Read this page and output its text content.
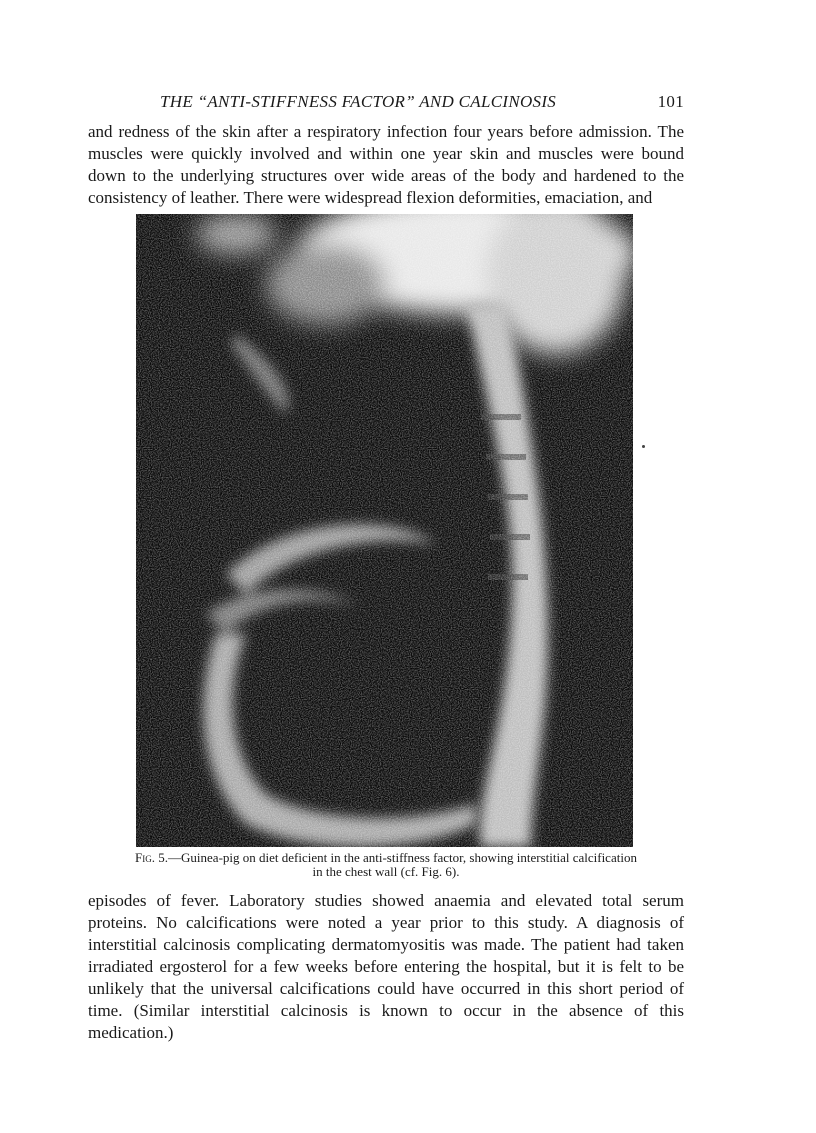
THE “ANTI-STIFFNESS FACTOR” AND CALCINOSIS	101

and redness of the skin after a respiratory infection four years before admission. The muscles were quickly involved and within one year skin and muscles were bound down to the underlying structures over wide areas of the body and hardened to the consistency of leather. There were widespread flexion deformities, emaciation, and

Fig. 5.—Guinea-pig on diet deficient in the anti-stiffness factor, showing interstitial calcification in the chest wall (cf. Fig. 6).

episodes of fever. Laboratory studies showed anaemia and elevated total serum proteins. No calcifications were noted a year prior to this study. A diagnosis of interstitial calcinosis complicating dermatomyositis was made. The patient had taken irradiated ergosterol for a few weeks before entering the hospital, but it is felt to be unlikely that the universal calcifications could have occurred in this short period of time. (Similar interstitial calcinosis is known to occur in the absence of this medication.)
